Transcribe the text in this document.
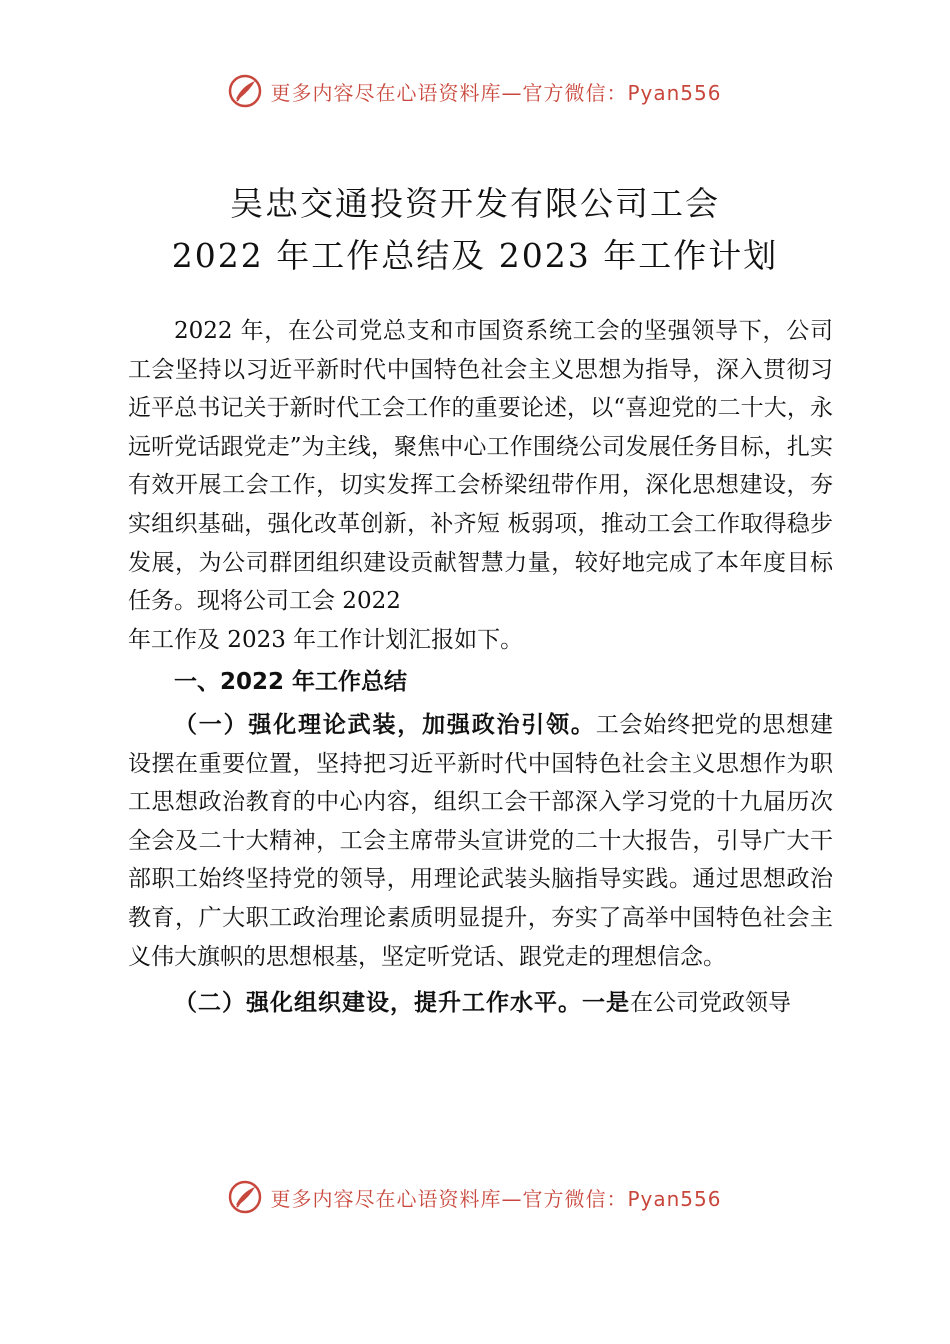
更多内容尽在心语资料库—官方微信：Pyan556
吴忠交通投资开发有限公司工会
2022 年工作总结及 2023 年工作计划

2022 年，在公司党总支和市国资系统工会的坚强领导下，公司工会坚持以习近平新时代中国特色社会主义思想为指导，深入贯彻习近平总书记关于新时代工会工作的重要论述，以“喜迎党的二十大，永远听党话跟党走”为主线，聚焦中心工作围绕公司发展任务目标，扎实有效开展工会工作，切实发挥工会桥梁纽带作用，深化思想建设，夯实组织基础，强化改革创新，补齐短 板弱项，推动工会工作取得稳步发展，为公司群团组织建设贡献智慧力量，较好地完成了本年度目标任务。现将公司工会 2022

年工作及 2023 年工作计划汇报如下。

一、2022 年工作总结

（一）强化理论武装，加强政治引领。工会始终把党的思想建设摆在重要位置，坚持把习近平新时代中国特色社会主义思想作为职工思想政治教育的中心内容，组织工会干部深入学习党的十九届历次全会及二十大精神，工会主席带头宣讲党的二十大报告，引导广大干部职工始终坚持党的领导，用理论武装头脑指导实践。通过思想政治教育，广大职工政治理论素质明显提升，夯实了高举中国特色社会主义伟大旗帜的思想根基，坚定听党话、跟党走的理想信念。

（二）强化组织建设，提升工作水平。一是在公司党政领导

更多内容尽在心语资料库—官方微信：Pyan556
